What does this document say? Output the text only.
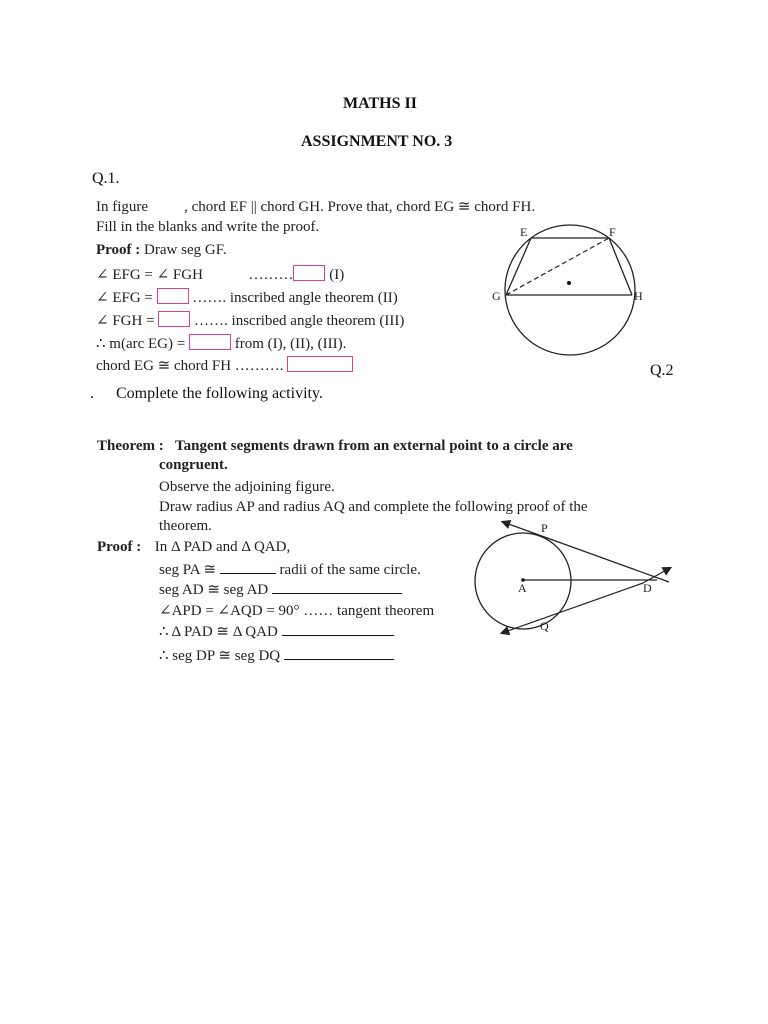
MATHS II
ASSIGNMENT NO. 3
Q.1.
In figure , chord EF || chord GH. Prove that, chord EG ≅ chord FH.
Fill in the blanks and write the proof.
Proof : Draw seg GF.
∠ EFG = ∠ FGH	……… (I)
∠ EFG =	……. inscribed angle theorem (II)
∠ FGH =	……. inscribed angle theorem (III)
∴ m(arc EG) =	from (I), (II), (III).
chord EG ≅ chord FH ……….
E	F
G	H
Q.2
. Complete the following activity.
Theorem : Tangent segments drawn from an external point to a circle are
congruent.
Observe the adjoining figure.
Draw radius AP and radius AQ and complete the following proof of the
theorem.
Proof : In Δ PAD and Δ QAD,
seg PA ≅	radii of the same circle.
seg AD ≅ seg AD
∠APD = ∠AQD = 90° …… tangent theorem
∴ Δ PAD ≅ Δ QAD
∴ seg DP ≅ seg DQ
P
A	D
Q
